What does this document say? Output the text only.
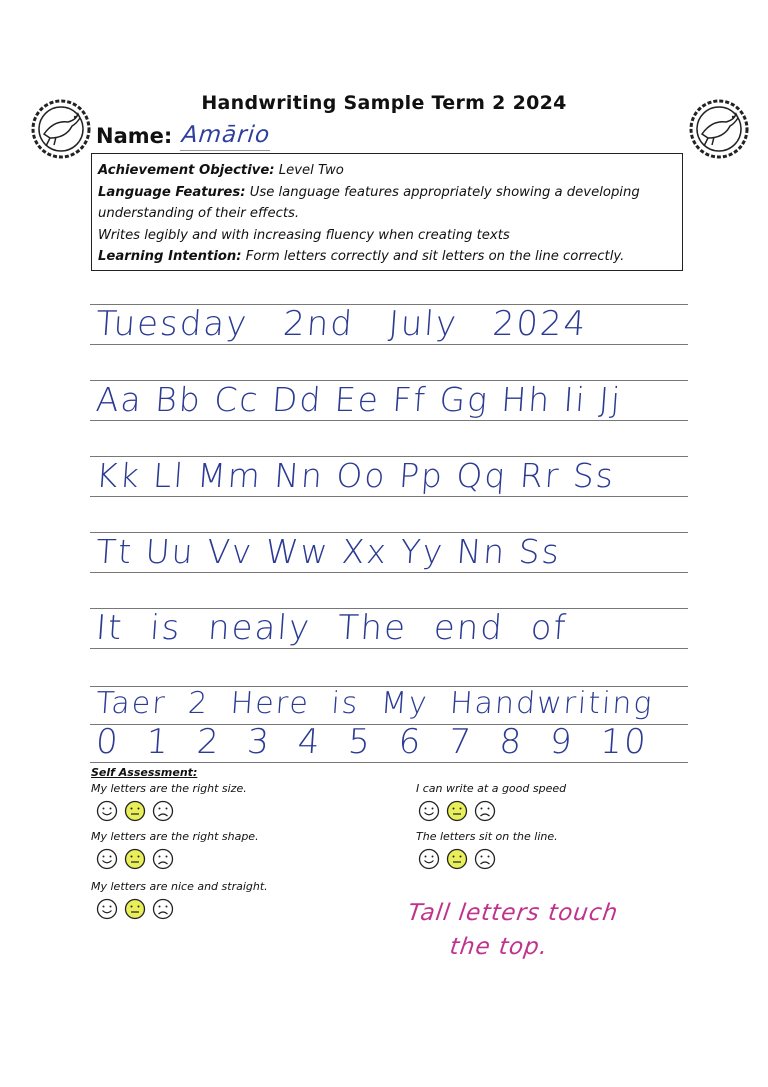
Handwriting Sample Term 2 2024
Name: Amārio
Achievement Objective: Level Two
Language Features: Use language features appropriately showing a developing
understanding of their effects.
Writes legibly and with increasing fluency when creating texts
Learning Intention: Form letters correctly and sit letters on the line correctly.
Tuesday 2nd July 2024
Aa Bb Cc Dd Ee Ff Gg Hh Ii Jj
Kk Ll Mm Nn Oo Pp Qq Rr Ss
Tt Uu Vv Ww Xx Yy Nn Ss
It is nealy The end of
Taer 2 Here is My Handwriting
0 1 2 3 4 5 6 7 8 9 10
Self Assessment:
My letters are the right size.	I can write at a good speed
My letters are the right shape.	The letters sit on the line.
My letters are nice and straight.
Tall letters touch
the top.
